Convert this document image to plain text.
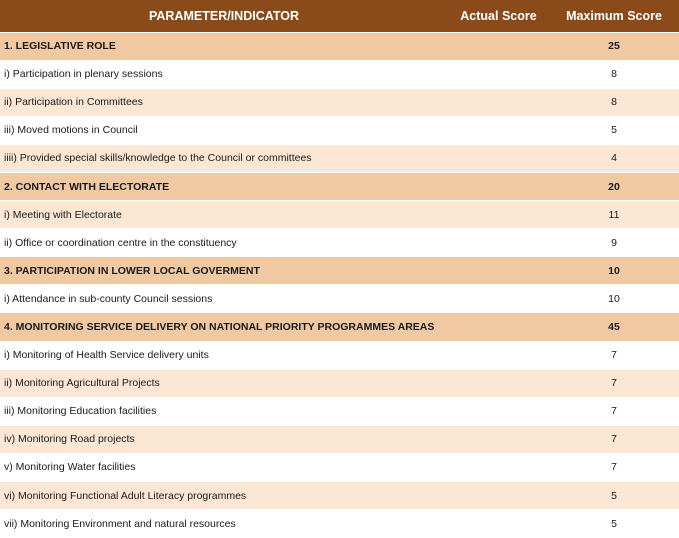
PARAMETER/INDICATOR	Actual Score	Maximum Score
1. LEGISLATIVE ROLE		25
i) Participation in plenary sessions		8
ii) Participation in Committees		8
iii) Moved motions in Council		5
iiii) Provided special skills/knowledge to the Council or committees		4
2. CONTACT WITH ELECTORATE		20
i) Meeting with Electorate		11
ii) Office or coordination centre in the constituency		9
3. PARTICIPATION IN LOWER LOCAL GOVERMENT		10
i) Attendance in sub-county Council sessions		10
4. MONITORING SERVICE DELIVERY ON NATIONAL PRIORITY PROGRAMMES AREAS		45
i) Monitoring of Health Service delivery units		7
ii) Monitoring Agricultural Projects		7
iii) Monitoring Education facilities		7
iv) Monitoring Road projects		7
v) Monitoring Water facilities		7
vi) Monitoring Functional Adult Literacy programmes		5
vii) Monitoring Environment and natural resources		5
